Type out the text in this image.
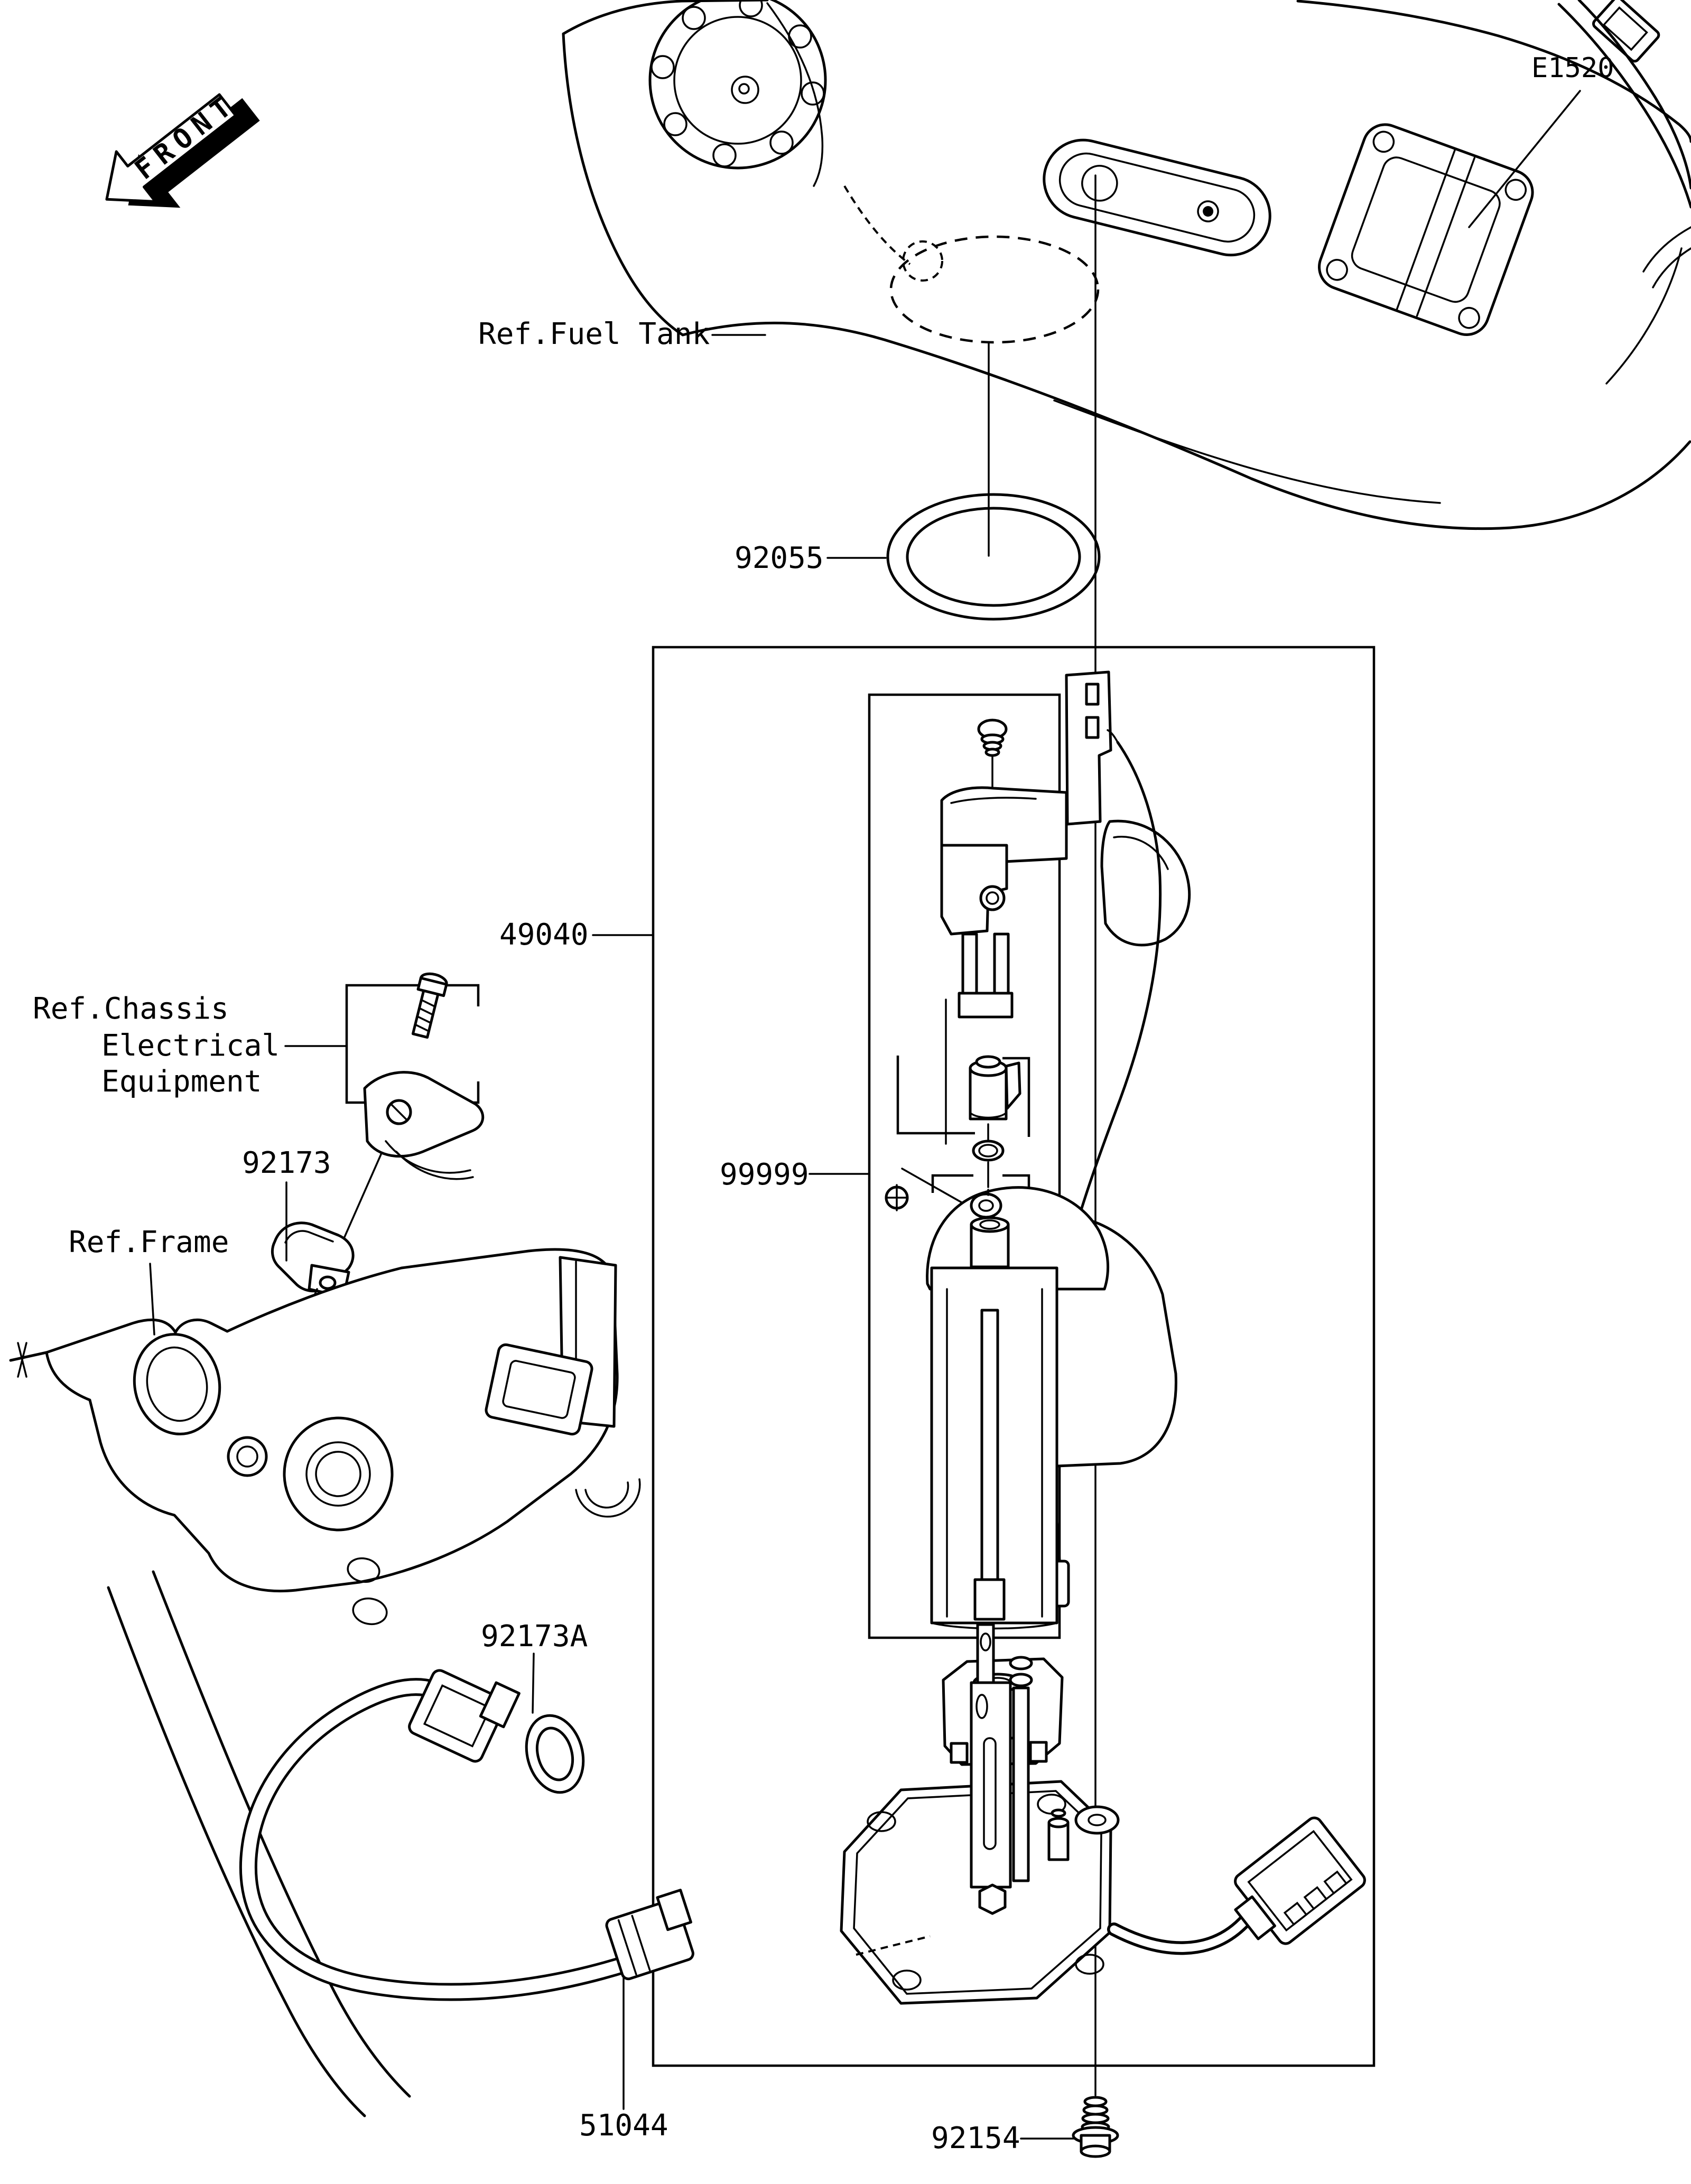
FRONT
E1520
Ref.Fuel Tank
92055
49040
Ref.Chassis
Electrical
Equipment
92173
Ref.Frame
99999
92173A
51044	92154
